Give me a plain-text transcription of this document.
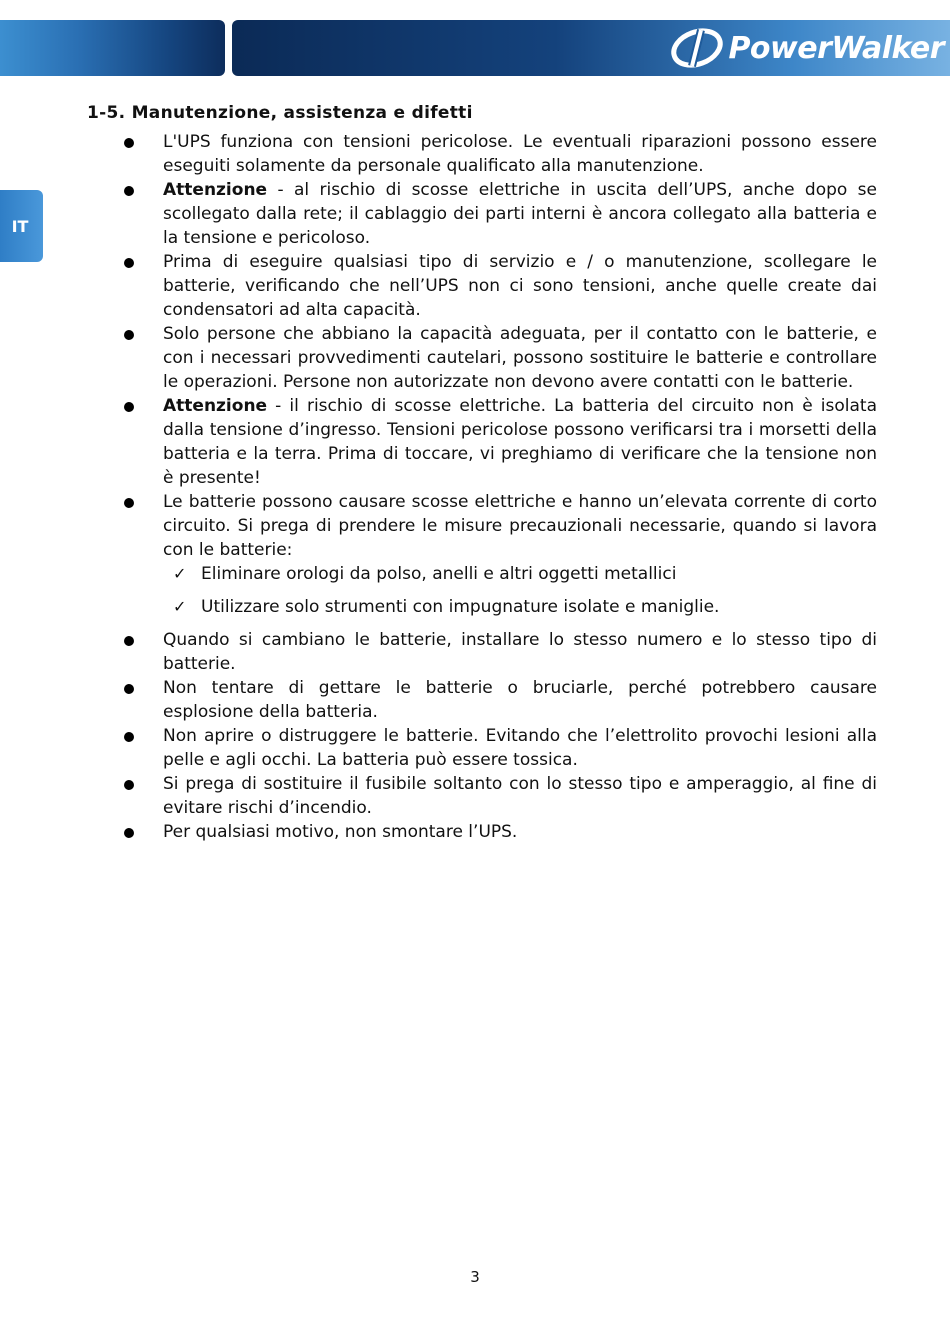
PowerWalker
IT
1-5. Manutenzione, assistenza e difetti
L'UPS funziona con tensioni pericolose. Le eventuali riparazioni possono essere eseguiti solamente da personale qualificato alla manutenzione.
Attenzione - al rischio di scosse elettriche in uscita dell’UPS, anche dopo se scollegato dalla rete; il cablaggio dei parti interni è ancora collegato alla batteria e la tensione e pericoloso.
Prima di eseguire qualsiasi tipo di servizio e / o manutenzione, scollegare le batterie, verificando che nell’UPS non ci sono tensioni, anche quelle create dai condensatori ad alta capacità.
Solo persone che abbiano la capacità adeguata, per il contatto con le batterie, e con i necessari provvedimenti cautelari, possono sostituire le batterie e controllare le operazioni. Persone non autorizzate non devono avere contatti con le batterie.
Attenzione - il rischio di scosse elettriche. La batteria del circuito non è isolata dalla tensione d’ingresso. Tensioni pericolose possono verificarsi tra i morsetti della batteria e la terra. Prima di toccare, vi preghiamo di verificare che la tensione non è presente!
Le batterie possono causare scosse elettriche e hanno un’elevata corrente di corto circuito. Si prega di prendere le misure precauzionali necessarie, quando si lavora con le batterie:
✓ Eliminare orologi da polso, anelli e altri oggetti metallici
✓ Utilizzare solo strumenti con impugnature isolate e maniglie.
Quando si cambiano le batterie, installare lo stesso numero e lo stesso tipo di batterie.
Non tentare di gettare le batterie o bruciarle, perché potrebbero causare esplosione della batteria.
Non aprire o distruggere le batterie. Evitando che l’elettrolito provochi lesioni alla pelle e agli occhi. La batteria può essere tossica.
Si prega di sostituire il fusibile soltanto con lo stesso tipo e amperaggio, al fine di evitare rischi d’incendio.
Per qualsiasi motivo, non smontare l’UPS.
3
